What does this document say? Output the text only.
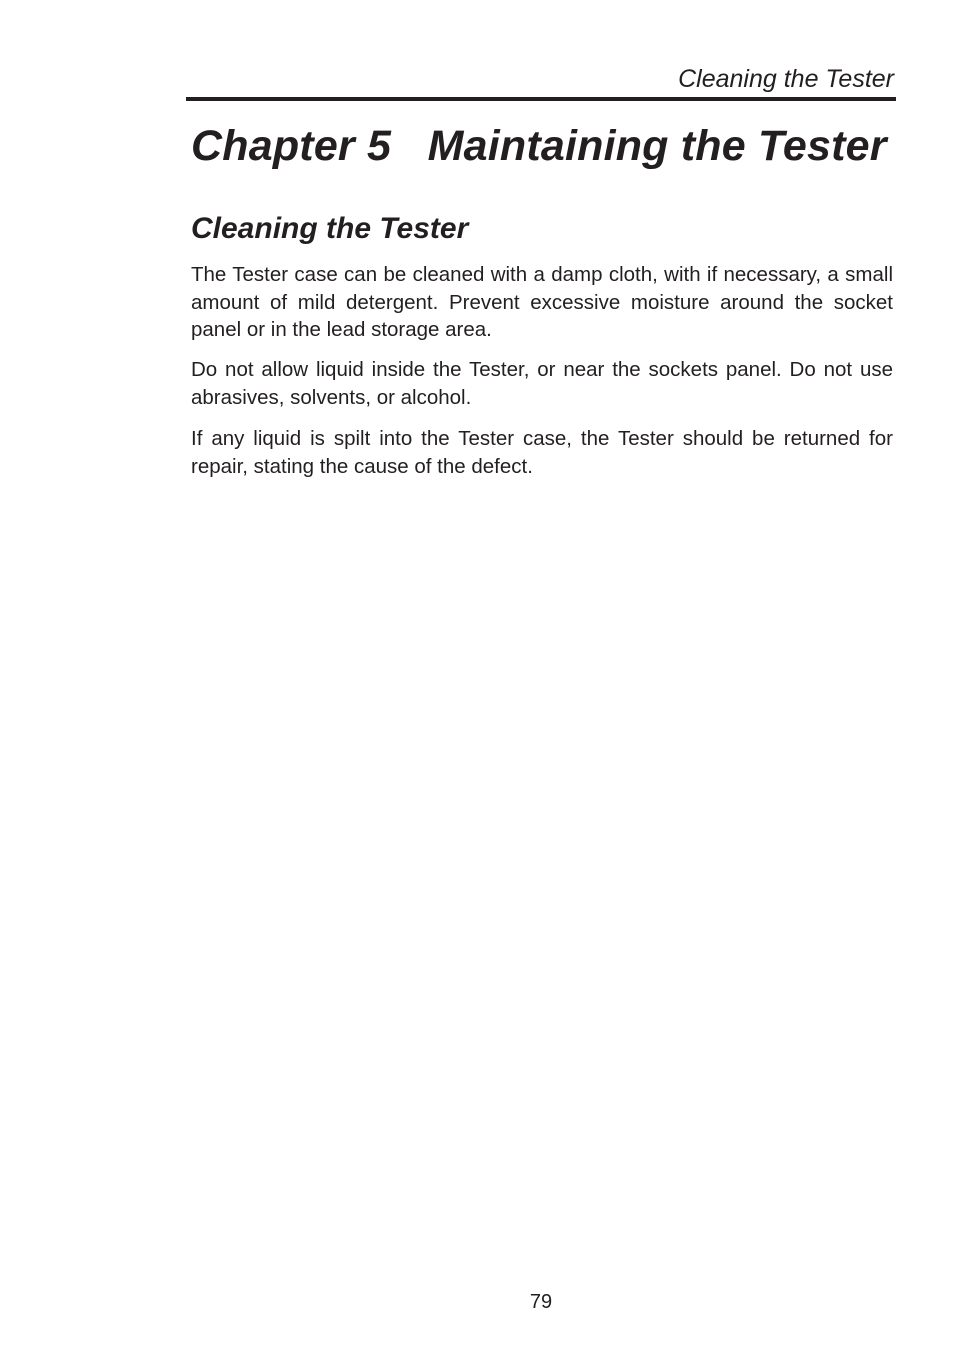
Cleaning the Tester
Chapter 5   Maintaining the Tester
Cleaning the Tester

The Tester case can be cleaned with a damp cloth, with if necessary, a small amount of mild detergent. Prevent excessive moisture around the socket panel or in the lead storage area.

Do not allow liquid inside the Tester, or near the sockets panel. Do not use abrasives, solvents, or alcohol.

If any liquid is spilt into the Tester case, the Tester should be returned for repair, stating the cause of the defect.

79
